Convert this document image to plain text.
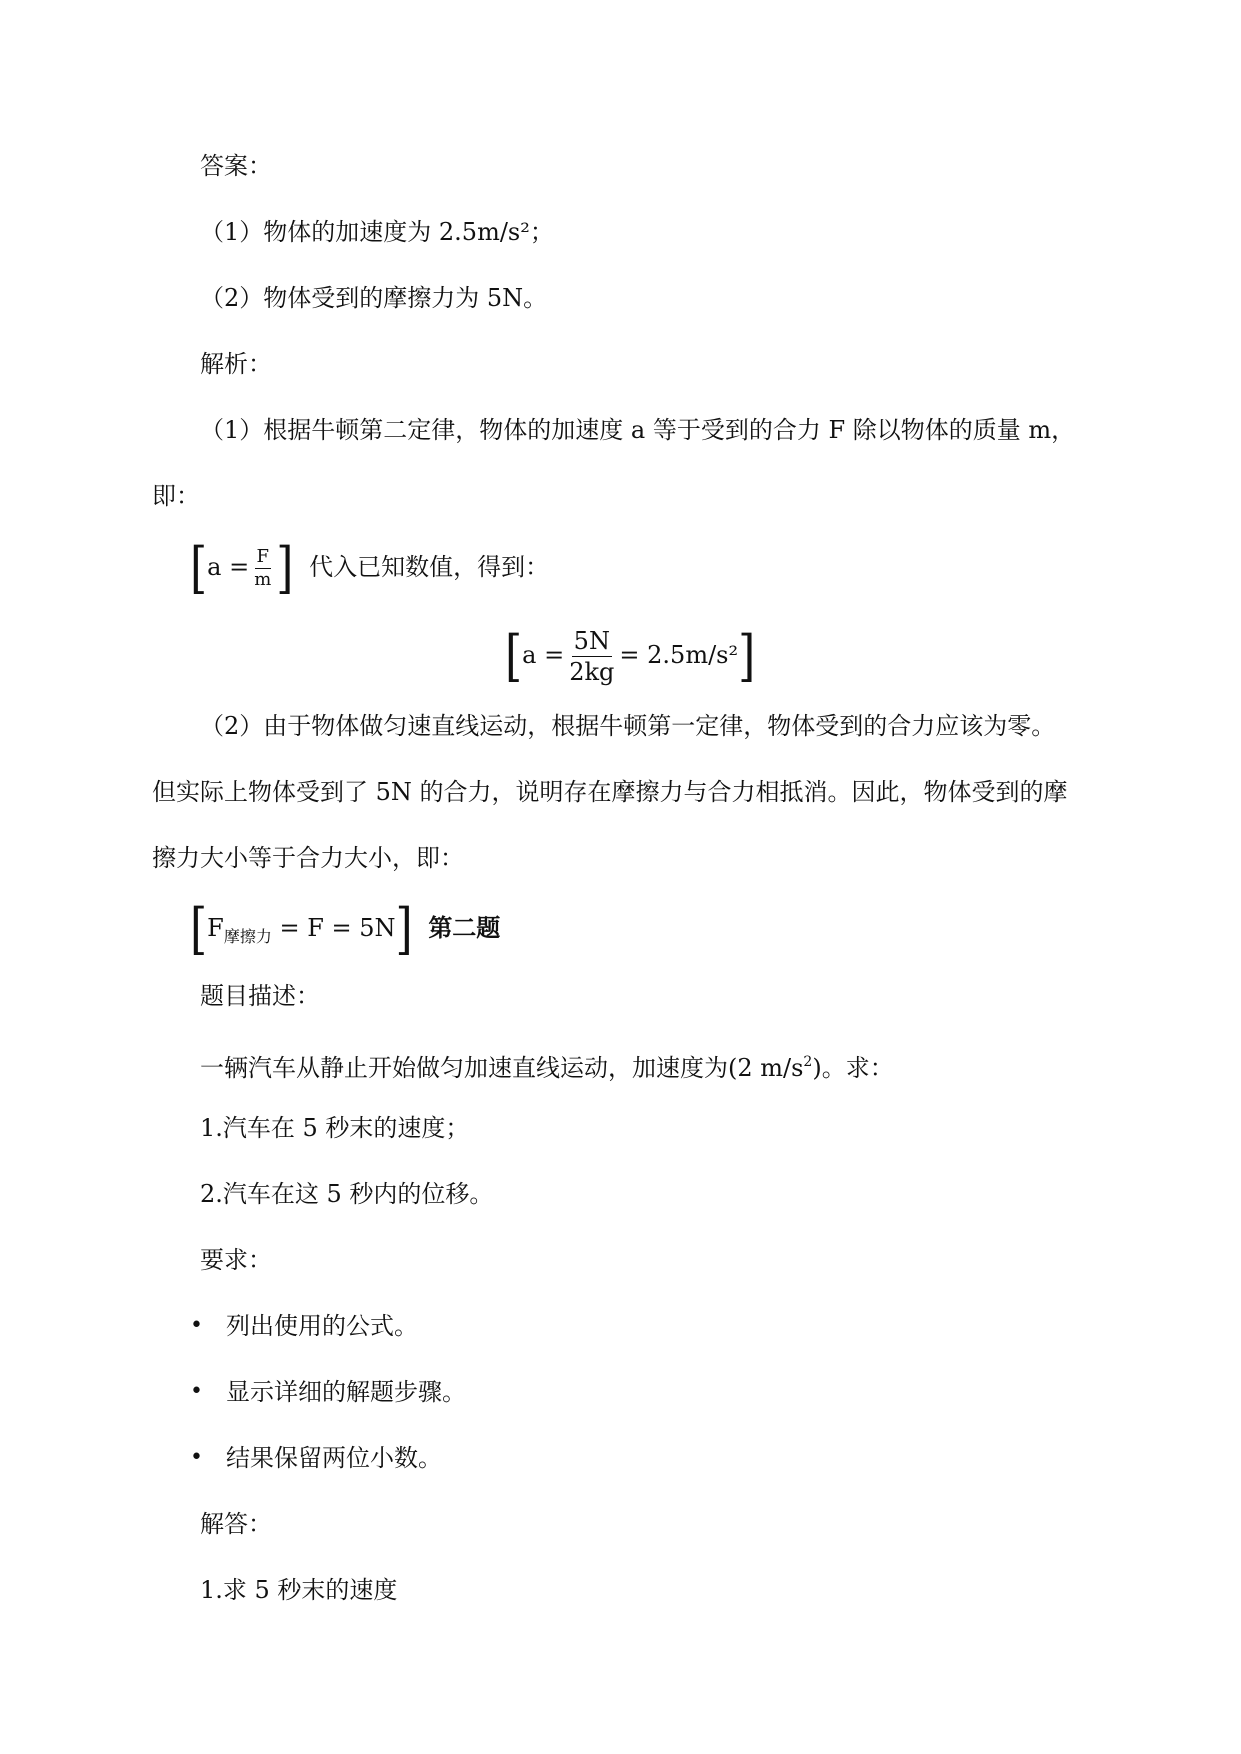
答案：
（1）物体的加速度为 2.5m/s²；
（2）物体受到的摩擦力为 5N。
解析：
（1）根据牛顿第二定律，物体的加速度 a 等于受到的合力 F 除以物体的质量 m，
即：
[$a = \frac{F}{m}$ ] 代入已知数值，得到：
$[a = \frac{5N}{2kg} = 2.5m/s^2]$
（2）由于物体做匀速直线运动，根据牛顿第一定律，物体受到的合力应该为零。
但实际上物体受到了 5N 的合力，说明存在摩擦力与合力相抵消。因此，物体受到的摩
擦力大小等于合力大小，即：
$[F_{摩擦力} = F = 5N]$ 第二题
题目描述：
一辆汽车从静止开始做匀加速直线运动，加速度为(2 $m/s^2$)。求：
1.汽车在 5 秒末的速度；
2.汽车在这 5 秒内的位移。
要求：
• 列出使用的公式。
• 显示详细的解题步骤。
• 结果保留两位小数。
解答：
1.求 5 秒末的速度
